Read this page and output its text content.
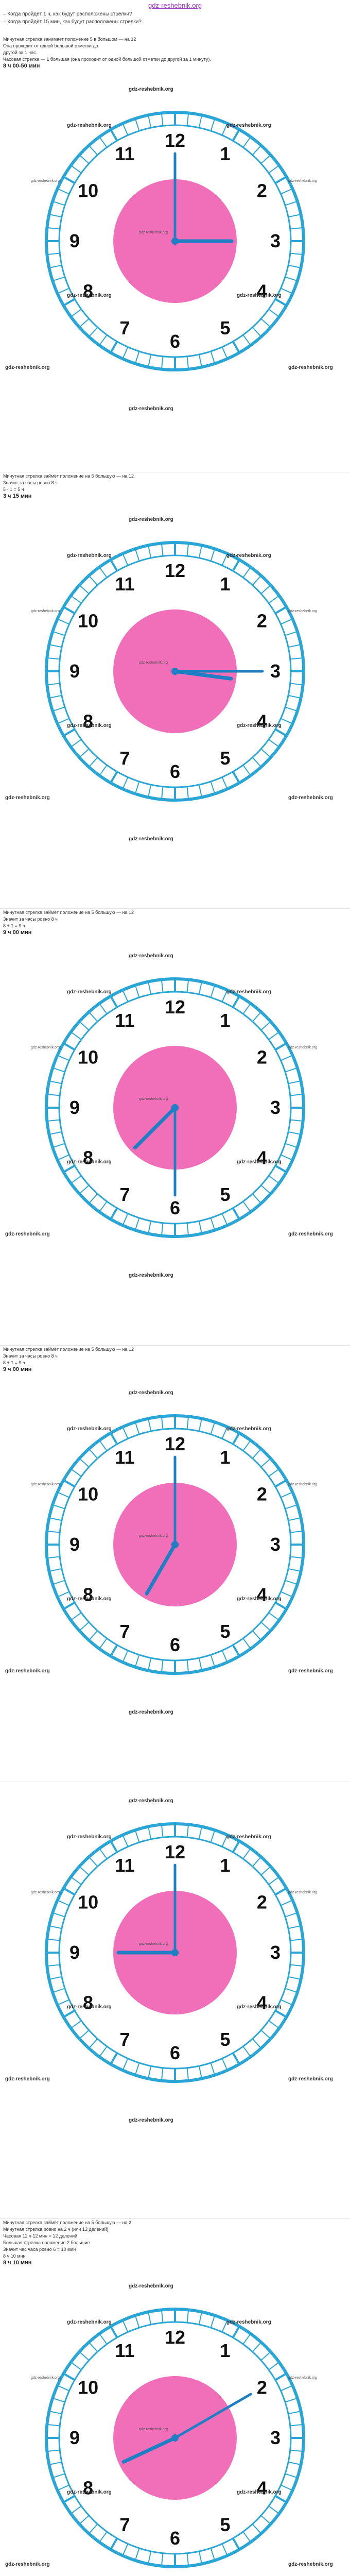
gdz-reshebnik.org
– Когда пройдёт 1 ч, как будут расположены стрелки?
– Когда пройдёт 15 мин, как будут расположены стрелки?
Минутная стрелка занимает положение 5 в большом — на 12
Она проходит от одной большой отметки до
другой за 1 час.
Часовая стрелка — 1 большая (она проходит от одной большой отметки до другой за 1 минуту).
8 ч 00-50 мин
1
2
3
4
5
6
7
8
9
10
11
12
gdz-reshebnik.org
gdz-reshebnik.org	gdz-reshebnik.org
gdz-reshebnik.org	gdz-reshebnik.org
gdz-reshebnik.org
gdz-reshebnik.org	gdz-reshebnik.org
gdz-reshebnik.org	gdz-reshebnik.org
gdz-reshebnik.org
Минутная стрелка займёт положение на 5 большую — на 12
Значит за часы ровно 8 ч
5 · 1 = 5 ч
3 ч 15 мин
1
2
3
4
5
6
7
8
9
10
11
12
gdz-reshebnik.org
gdz-reshebnik.org	gdz-reshebnik.org
gdz-reshebnik.org	gdz-reshebnik.org
gdz-reshebnik.org
gdz-reshebnik.org	gdz-reshebnik.org
gdz-reshebnik.org	gdz-reshebnik.org
gdz-reshebnik.org
Минутная стрелка займёт положение на 5 большую — на 12
Значит за часы ровно 8 ч
8 + 1 = 9 ч
9 ч 00 мин
1
2
3
4
5
6
7
8
9
10
11
12
gdz-reshebnik.org
gdz-reshebnik.org	gdz-reshebnik.org
gdz-reshebnik.org	gdz-reshebnik.org
gdz-reshebnik.org
gdz-reshebnik.org	gdz-reshebnik.org
gdz-reshebnik.org	gdz-reshebnik.org
gdz-reshebnik.org
Минутная стрелка займёт положение на 5 большую — на 12
Значит за часы ровно 8 ч
8 + 1 = 9 ч
9 ч 00 мин
1
2
3
4
5
6
7
8
9
10
11
12
gdz-reshebnik.org
gdz-reshebnik.org	gdz-reshebnik.org
gdz-reshebnik.org	gdz-reshebnik.org
gdz-reshebnik.org
gdz-reshebnik.org	gdz-reshebnik.org
gdz-reshebnik.org	gdz-reshebnik.org
gdz-reshebnik.org
1
2
3
4
5
6
7
8
9
10
11
12
gdz-reshebnik.org
gdz-reshebnik.org	gdz-reshebnik.org
gdz-reshebnik.org	gdz-reshebnik.org
gdz-reshebnik.org
gdz-reshebnik.org	gdz-reshebnik.org
gdz-reshebnik.org	gdz-reshebnik.org
gdz-reshebnik.org
Минутная стрелка займёт положение на 5 большую — на 2
Минутная стрелка ровно на 2 ч (или 12 делений)
Часовая 12 ч 12 мин = 12 делений
Большая стрелка положение 2 большие
Значит час часа ровно 6 = 10 мин
8 ч 10 мин
8 ч 10 мин
1
2
3
4
5
6
7
8
9
10
11
12
gdz-reshebnik.org
gdz-reshebnik.org	gdz-reshebnik.org
gdz-reshebnik.org	gdz-reshebnik.org
gdz-reshebnik.org
gdz-reshebnik.org	gdz-reshebnik.org
gdz-reshebnik.org	gdz-reshebnik.org
